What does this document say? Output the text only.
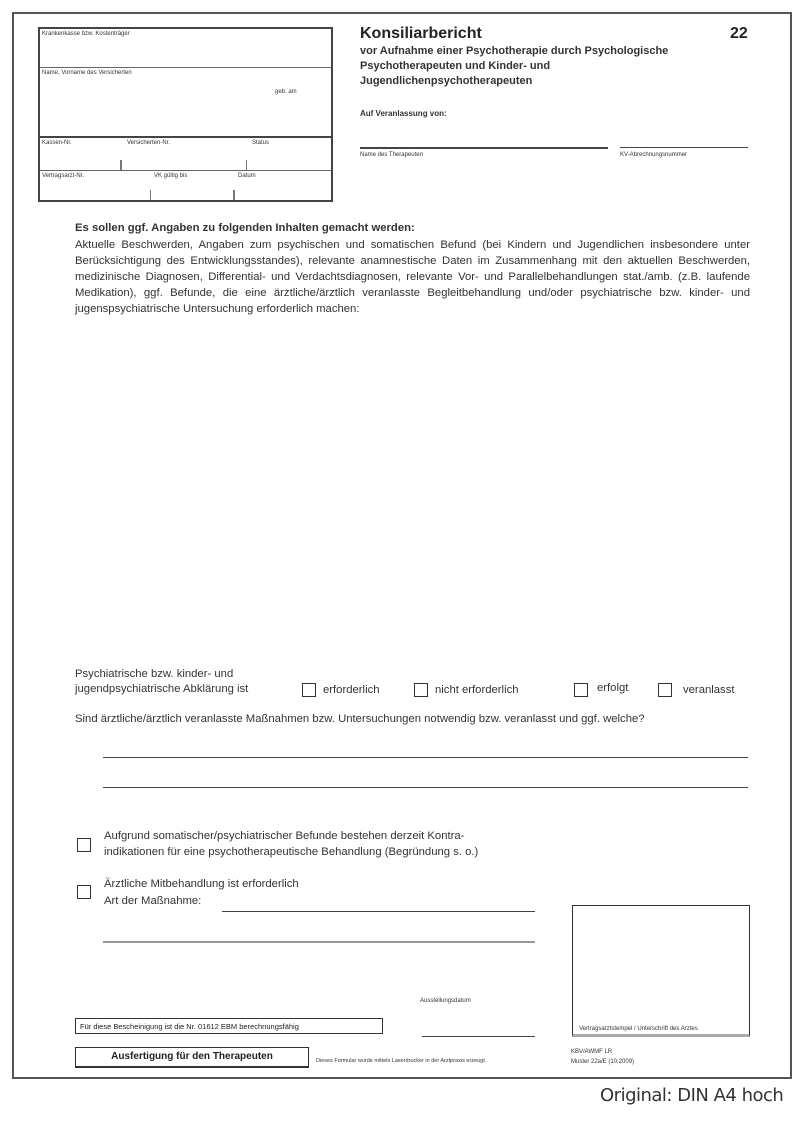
Krankenkasse bzw. Kostenträger
Name, Vorname des Versicherten
geb. am
Kassen-Nr.	Versicherten-Nr.	Status
Vertragsarzt-Nr.	VK gültig bis	Datum
Konsiliarbericht	22
vor Aufnahme einer Psychotherapie durch Psychologische
Psychotherapeuten und Kinder- und
Jugendlichenpsychotherapeuten
Auf Veranlassung von:
Name des Therapeuten	KV-Abrechnungsnummer
Es sollen ggf. Angaben zu folgenden Inhalten gemacht werden:
Aktuelle Beschwerden, Angaben zum psychischen und somatischen Befund (bei Kindern und Jugendlichen insbesondere unter Berücksichtigung des Entwicklungsstandes), relevante anamnestische Daten im Zusammenhang mit den aktuellen Beschwerden, medizinische Diagnosen, Differential- und Verdachtsdiagnosen, relevante Vor- und Parallelbehandlungen stat./amb. (z.B. laufende Medikation), ggf. Befunde, die eine ärztliche/ärztlich veranlasste Begleitbehandlung und/oder psychiatrische bzw. kinder- und jugenspsychiatrische Untersuchung erforderlich machen:
Psychiatrische bzw. kinder- und
jugendpsychiatrische Abklärung ist	erforderlich	nicht erforderlich	erfolgt	veranlasst
Sind ärztliche/ärztlich veranlasste Maßnahmen bzw. Untersuchungen notwendig bzw. veranlasst und ggf. welche?
Aufgrund somatischer/psychiatrischer Befunde bestehen derzeit Kontra-
indikationen für eine psychotherapeutische Behandlung (Begründung s. o.)
Ärztliche Mitbehandlung ist erforderlich
Art der Maßnahme:
Vertragsarztstempel / Unterschrift des Arztes
Ausstellungsdatum
Für diese Bescheinigung ist die Nr. 01612 EBM berechnungsfähig
Ausfertigung für den Therapeuten	Dieses Formular wurde mittels Laserdrucker in der Arztpraxis erzeugt.
KBV/AWMF LR
Muster 22a/E (10.2009)
Original: DIN A4 hoch
